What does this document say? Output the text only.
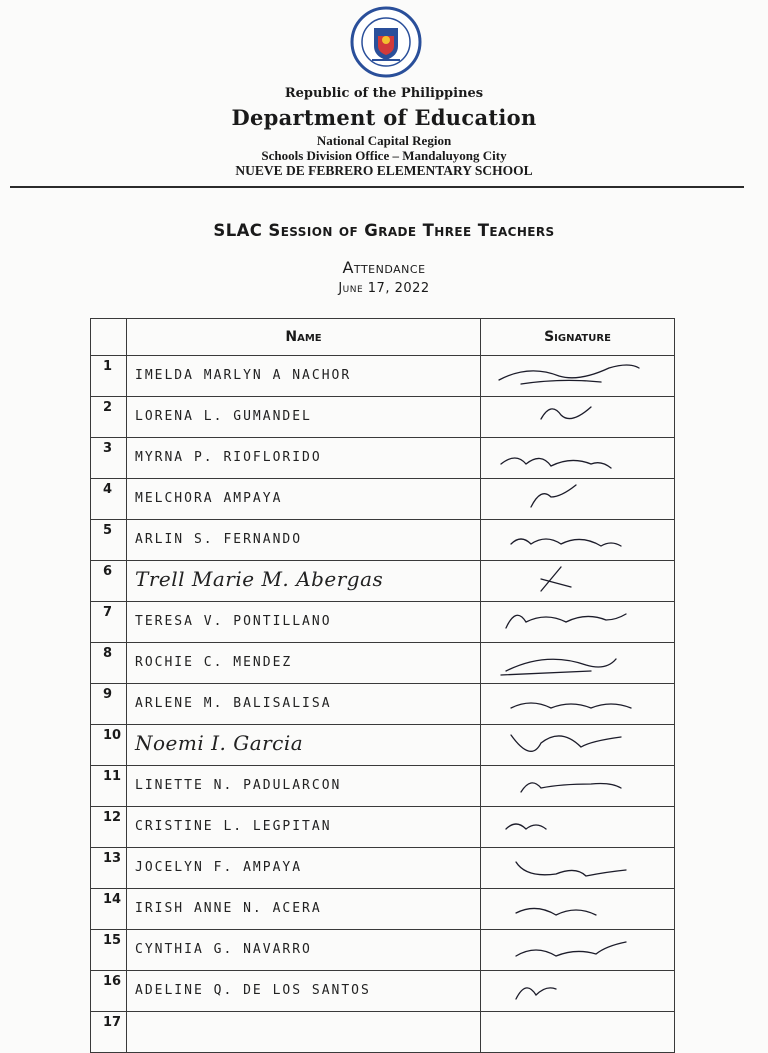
Republic of the Philippines
Department of Education
National Capital Region
Schools Division Office – Mandaluyong City
NUEVE DE FEBRERO ELEMENTARY SCHOOL
SLAC Session of Grade Three Teachers
Attendance
June 17, 2022
	Name	Signature
1	IMELDA MARLYN A NACHOR

2	LORENA L. GUMANDEL

3	MYRNA P. RIOFLORIDO

4	MELCHORA AMPAYA

5	ARLIN S. FERNANDO

6	Trell Marie M. Abergas

7	TERESA V. PONTILLANO

8	ROCHIE C. MENDEZ

9	ARLENE M. BALISALISA

10	Noemi I. Garcia

11	LINETTE N. PADULARCON

12	CRISTINE L. LEGPITAN

13	JOCELYN F. AMPAYA

14	IRISH ANNE N. ACERA

15	CYNTHIA G. NAVARRO

16	ADELINE Q. DE LOS SANTOS

17	
